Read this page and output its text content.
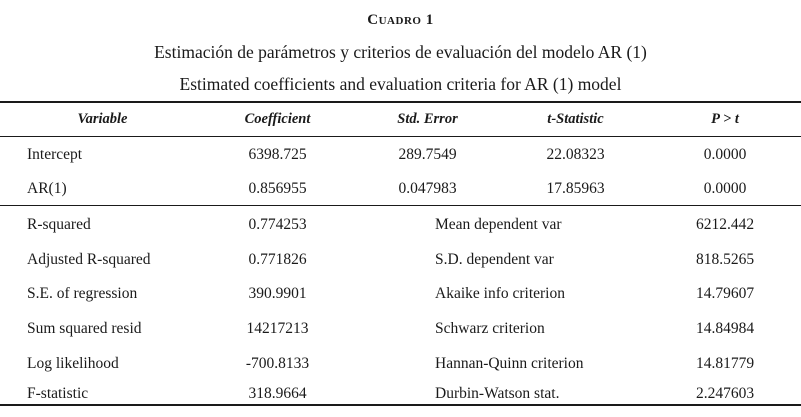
Cuadro 1
Estimación de parámetros y criterios de evaluación del modelo AR (1)
Estimated coefficients and evaluation criteria for AR (1) model
Variable	Coefficient	Std. Error	t-Statistic	P > t
Intercept	6398.725	289.7549	22.08323	0.0000
AR(1)	0.856955	0.047983	17.85963	0.0000
R-squared	0.774253	Mean dependent var	6212.442
Adjusted R-squared	0.771826	S.D. dependent var	818.5265
S.E. of regression	390.9901	Akaike info criterion	14.79607
Sum squared resid	14217213	Schwarz criterion	14.84984
Log likelihood	-700.8133	Hannan-Quinn criterion	14.81779
F-statistic	318.9664	Durbin-Watson stat.	2.247603
